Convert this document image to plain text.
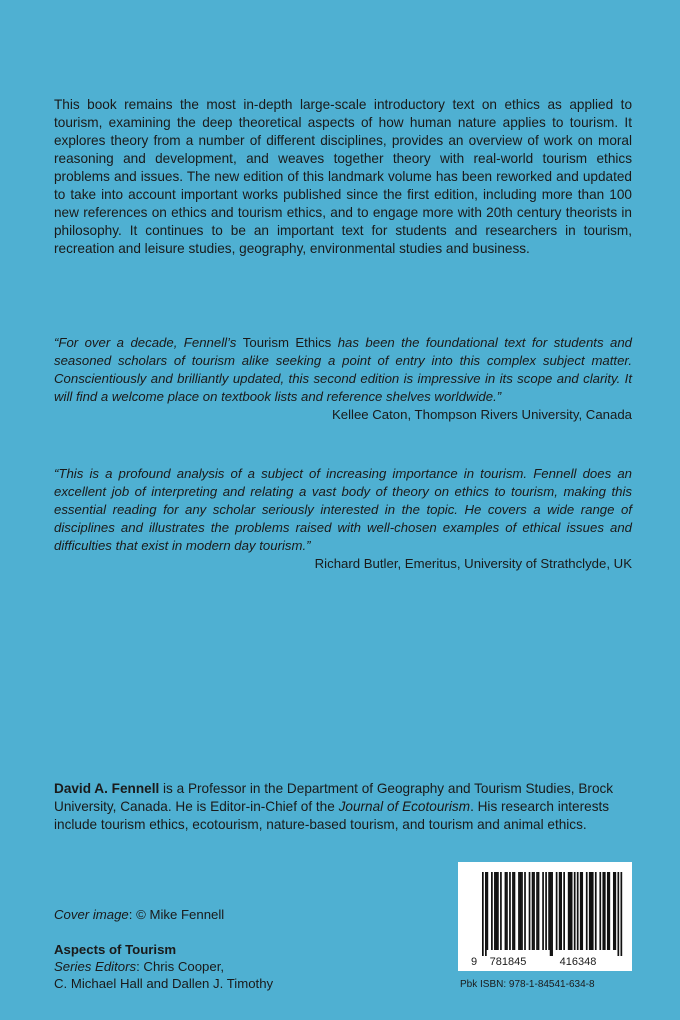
This book remains the most in-depth large-scale introductory text on ethics as applied to tourism, examining the deep theoretical aspects of how human nature applies to tourism. It explores theory from a number of different disciplines, provides an overview of work on moral reasoning and development, and weaves together theory with real-world tourism ethics problems and issues. The new edition of this landmark volume has been reworked and updated to take into account important works published since the first edition, including more than 100 new references on ethics and tourism ethics, and to engage more with 20th century theorists in philosophy. It continues to be an important text for students and researchers in tourism, recreation and leisure studies, geography, environmental studies and business.
“For over a decade, Fennell’s Tourism Ethics has been the foundational text for students and seasoned scholars of tourism alike seeking a point of entry into this complex subject matter. Conscientiously and brilliantly updated, this second edition is impressive in its scope and clarity. It will find a welcome place on textbook lists and reference shelves worldwide.”
Kellee Caton, Thompson Rivers University, Canada
“This is a profound analysis of a subject of increasing importance in tourism. Fennell does an excellent job of interpreting and relating a vast body of theory on ethics to tourism, making this essential reading for any scholar seriously interested in the topic. He covers a wide range of disciplines and illustrates the problems raised with well-chosen examples of ethical issues and difficulties that exist in modern day tourism.”
Richard Butler, Emeritus, University of Strathclyde, UK
David A. Fennell is a Professor in the Department of Geography and Tourism Studies, Brock University, Canada. He is Editor-in-Chief of the Journal of Ecotourism. His research interests include tourism ethics, ecotourism, nature-based tourism, and tourism and animal ethics.
Cover image: © Mike Fennell
Aspects of Tourism
Series Editors: Chris Cooper,
C. Michael Hall and Dallen J. Timothy
9 781845	416348
Pbk ISBN: 978-1-84541-634-8
